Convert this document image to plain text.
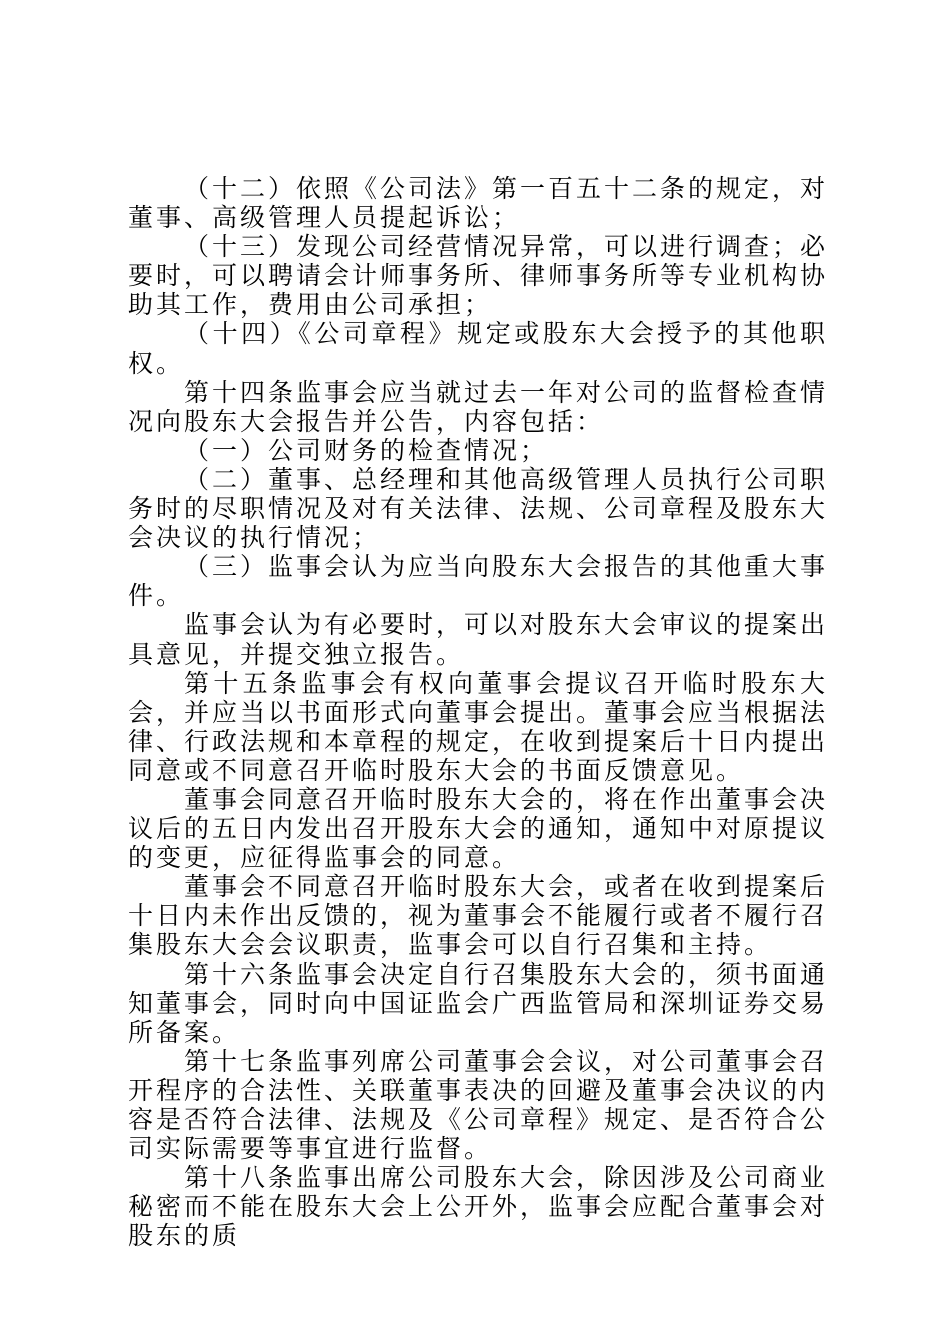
（十二）依照《公司法》第一百五十二条的规定，对董事、高级管理人员提起诉讼；

（十三）发现公司经营情况异常，可以进行调查；必要时，可以聘请会计师事务所、律师事务所等专业机构协助其工作，费用由公司承担；

（十四）《公司章程》规定或股东大会授予的其他职权。

第十四条监事会应当就过去一年对公司的监督检查情况向股东大会报告并公告，内容包括：

（一）公司财务的检查情况；

（二）董事、总经理和其他高级管理人员执行公司职务时的尽职情况及对有关法律、法规、公司章程及股东大会决议的执行情况；

（三）监事会认为应当向股东大会报告的其他重大事件。

监事会认为有必要时，可以对股东大会审议的提案出具意见，并提交独立报告。

第十五条监事会有权向董事会提议召开临时股东大会，并应当以书面形式向董事会提出。董事会应当根据法律、行政法规和本章程的规定，在收到提案后十日内提出同意或不同意召开临时股东大会的书面反馈意见。

董事会同意召开临时股东大会的，将在作出董事会决议后的五日内发出召开股东大会的通知，通知中对原提议的变更，应征得监事会的同意。

董事会不同意召开临时股东大会，或者在收到提案后十日内未作出反馈的，视为董事会不能履行或者不履行召集股东大会会议职责，监事会可以自行召集和主持。

第十六条监事会决定自行召集股东大会的，须书面通知董事会，同时向中国证监会广西监管局和深圳证券交易所备案。

第十七条监事列席公司董事会会议，对公司董事会召开程序的合法性、关联董事表决的回避及董事会决议的内容是否符合法律、法规及《公司章程》规定、是否符合公司实际需要等事宜进行监督。

第十八条监事出席公司股东大会，除因涉及公司商业秘密而不能在股东大会上公开外，监事会应配合董事会对股东的质
